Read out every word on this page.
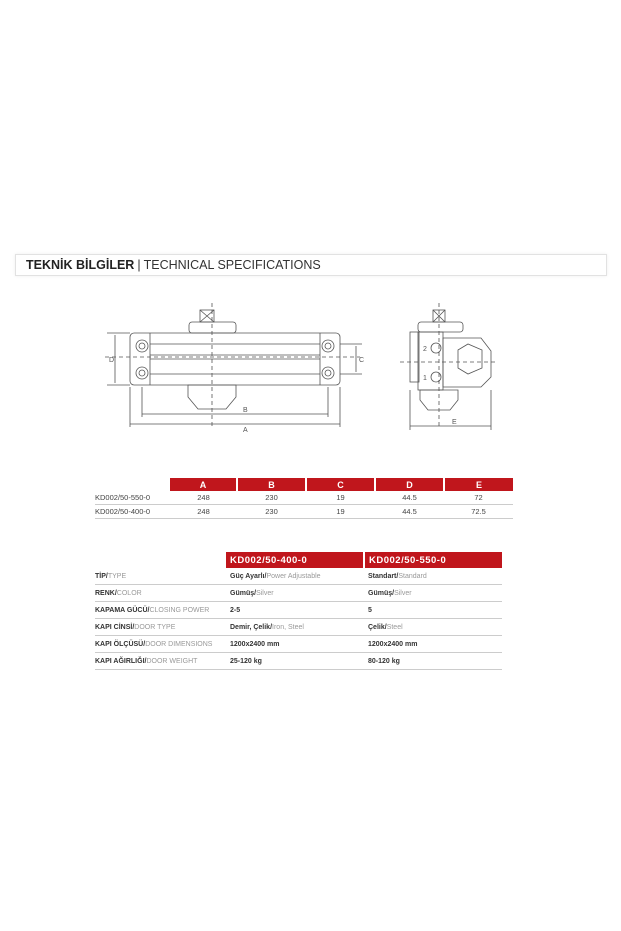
TEKNİK BİLGİLER | TECHNICAL SPECIFICATIONS
D	C
B
A
2
1
E
	A	B	C	D	E
KD002/50-550-0	248	230	19	44.5	72
KD002/50-400-0	248	230	19	44.5	72.5
	KD002/50-400-0	KD002/50-550-0
TİP/TYPE	Güç Ayarlı/Power Adjustable	Standart/Standard
RENK/COLOR	Gümüş/Silver	Gümüş/Silver
KAPAMA GÜCÜ/CLOSING POWER	2-5	5
KAPI CİNSİ/DOOR TYPE	Demir, Çelik/Iron, Steel	Çelik/Steel
KAPI ÖLÇÜSÜ/DOOR DIMENSIONS	1200x2400 mm	1200x2400 mm
KAPI AĞIRLIĞI/DOOR WEIGHT	25-120 kg	80-120 kg
